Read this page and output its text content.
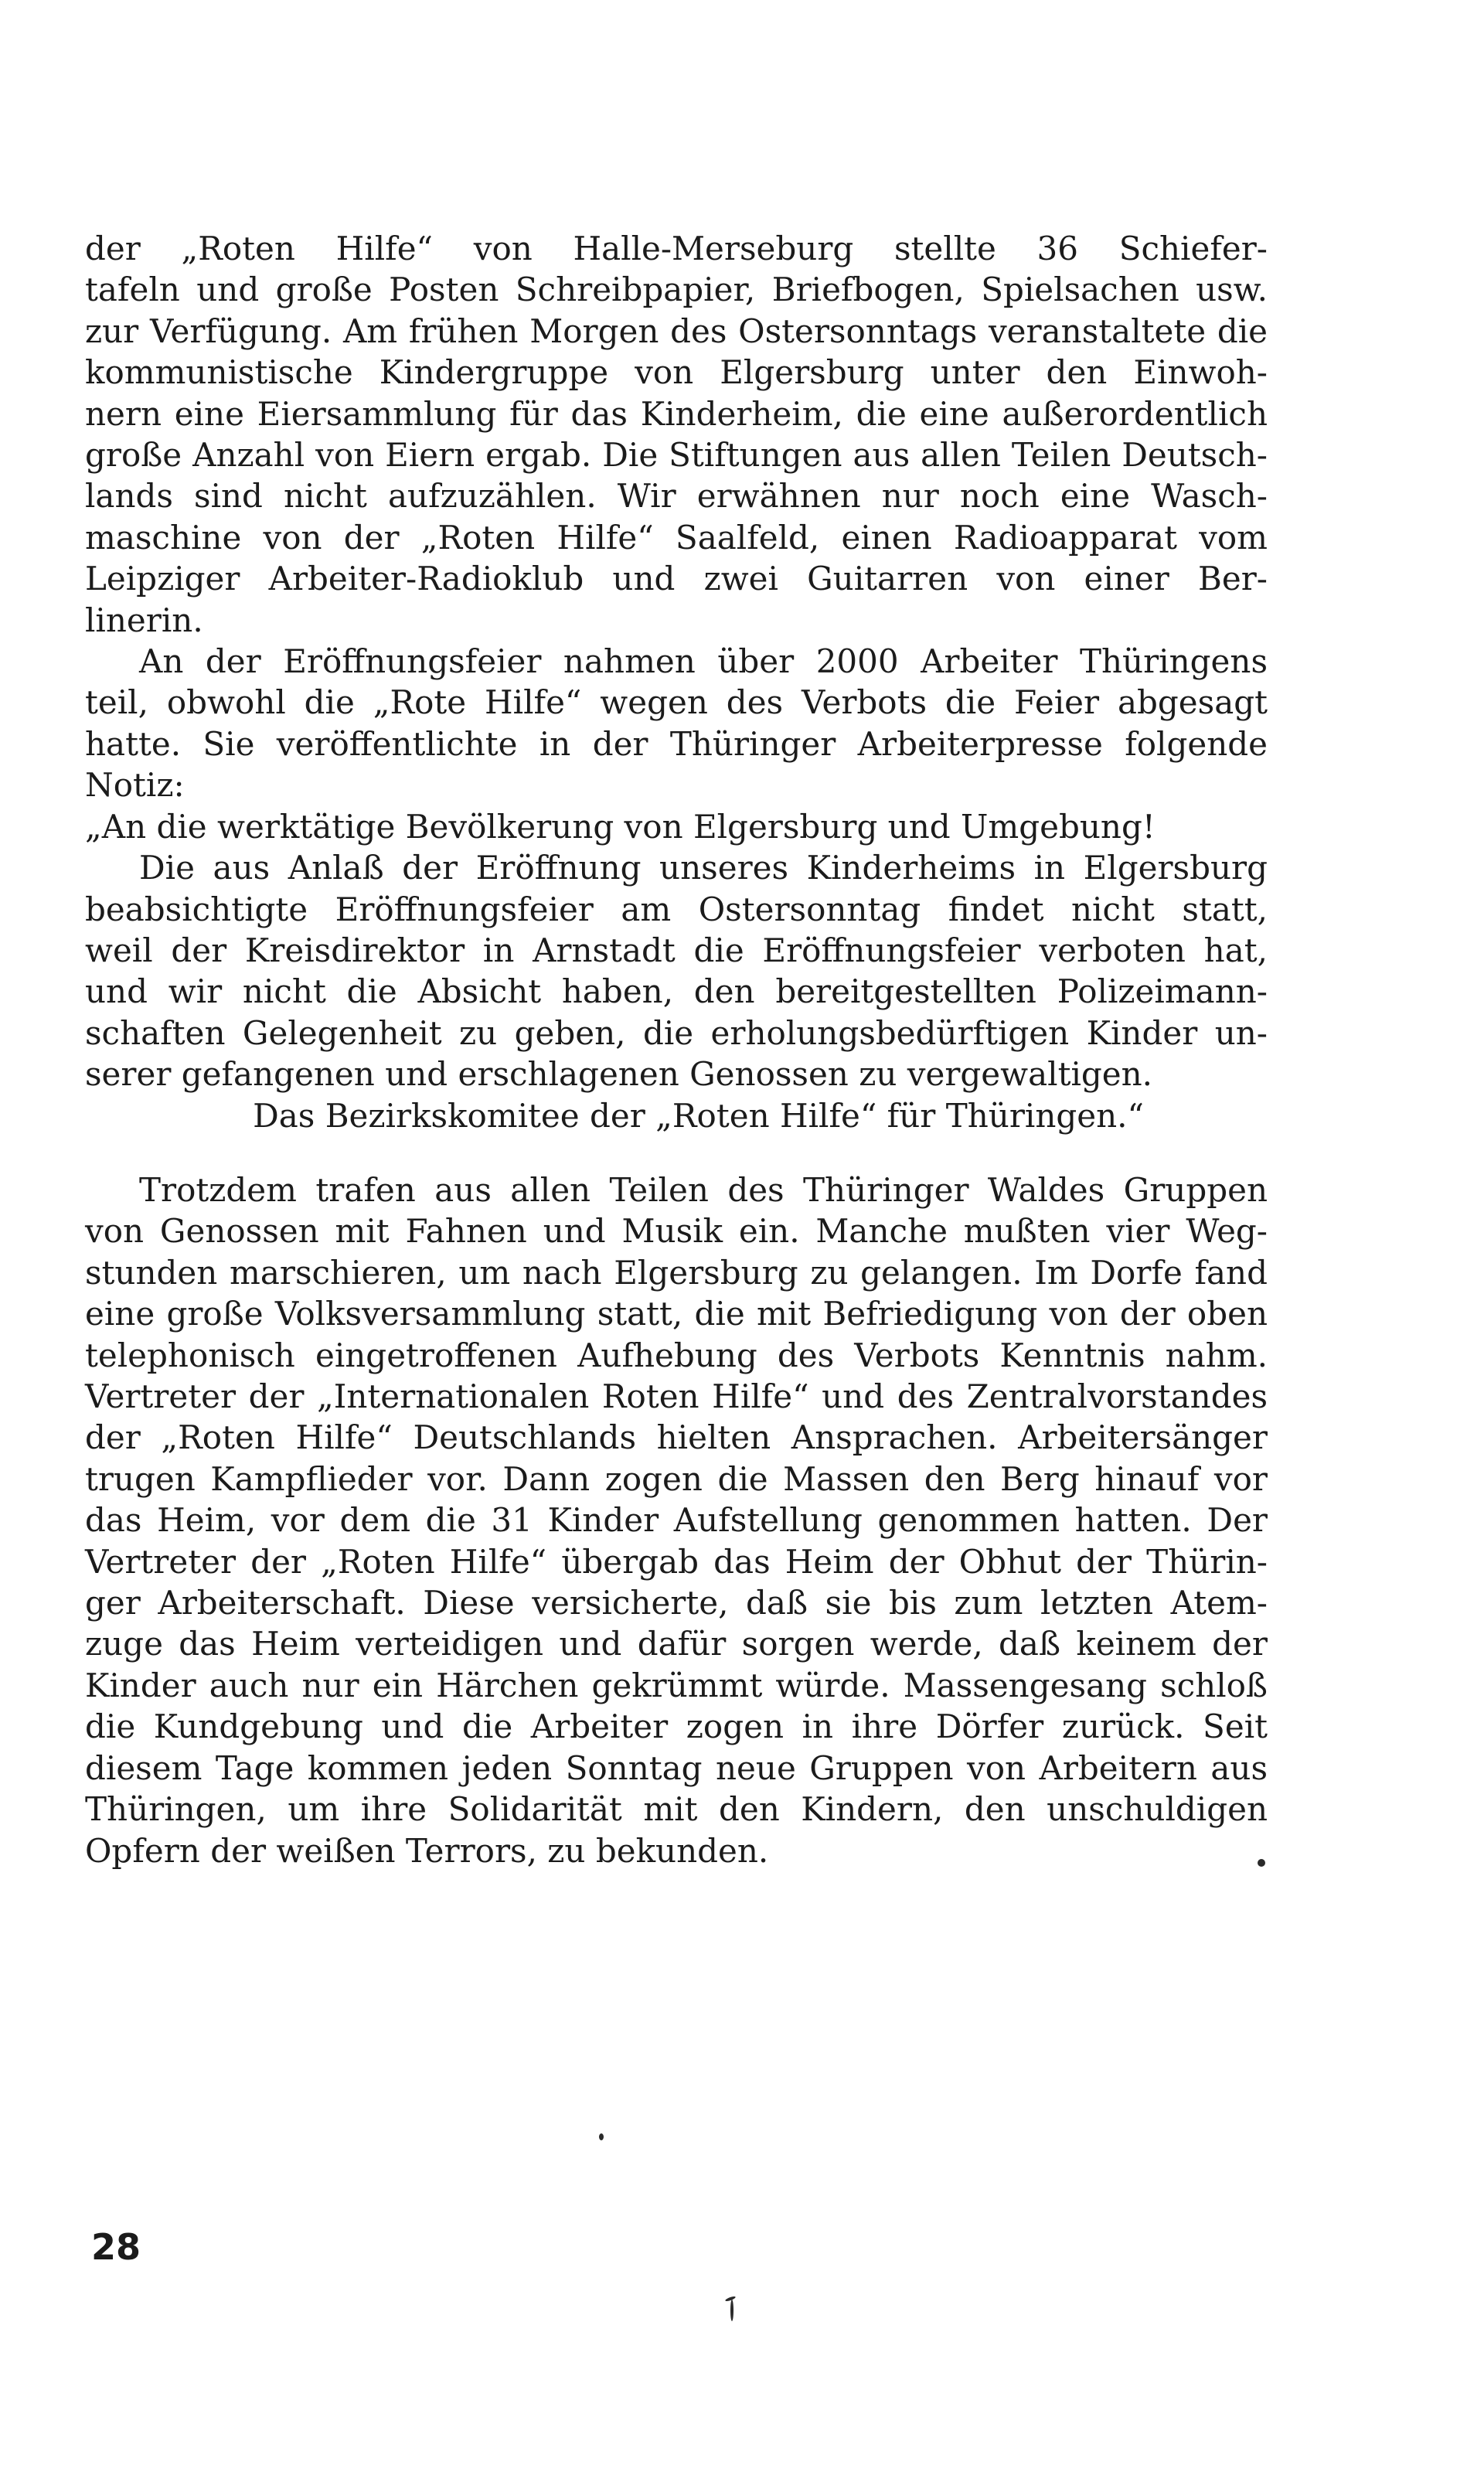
der „Roten Hilfe“ von Halle-Merseburg stellte 36 Schiefer-
tafeln und große Posten Schreibpapier, Briefbogen, Spielsachen usw.
zur Verfügung. Am frühen Morgen des Ostersonntags veranstaltete die
kommunistische Kindergruppe von Elgersburg unter den Einwoh-
nern eine Eiersammlung für das Kinderheim, die eine außerordentlich
große Anzahl von Eiern ergab. Die Stiftungen aus allen Teilen Deutsch-
lands sind nicht aufzuzählen. Wir erwähnen nur noch eine Wasch-
maschine von der „Roten Hilfe“ Saalfeld, einen Radioapparat vom
Leipziger Arbeiter-Radioklub und zwei Guitarren von einer Ber-
linerin.

An der Eröffnungsfeier nahmen über 2000 Arbeiter Thüringens
teil, obwohl die „Rote Hilfe“ wegen des Verbots die Feier abgesagt
hatte. Sie veröffentlichte in der Thüringer Arbeiterpresse folgende
Notiz:

„An die werktätige Bevölkerung von Elgersburg und Umgebung!
Die aus Anlaß der Eröffnung unseres Kinderheims in Elgersburg
beabsichtigte Eröffnungsfeier am Ostersonntag findet nicht statt,
weil der Kreisdirektor in Arnstadt die Eröffnungsfeier verboten hat,
und wir nicht die Absicht haben, den bereitgestellten Polizeimann-
schaften Gelegenheit zu geben, die erholungsbedürftigen Kinder un-
serer gefangenen und erschlagenen Genossen zu vergewaltigen.
Das Bezirkskomitee der „Roten Hilfe“ für Thüringen.“

Trotzdem trafen aus allen Teilen des Thüringer Waldes Gruppen
von Genossen mit Fahnen und Musik ein. Manche mußten vier Weg-
stunden marschieren, um nach Elgersburg zu gelangen. Im Dorfe fand
eine große Volksversammlung statt, die mit Befriedigung von der oben
telephonisch eingetroffenen Aufhebung des Verbots Kenntnis nahm.
Vertreter der „Internationalen Roten Hilfe“ und des Zentralvorstandes
der „Roten Hilfe“ Deutschlands hielten Ansprachen. Arbeitersänger
trugen Kampflieder vor. Dann zogen die Massen den Berg hinauf vor
das Heim, vor dem die 31 Kinder Aufstellung genommen hatten. Der
Vertreter der „Roten Hilfe“ übergab das Heim der Obhut der Thürin-
ger Arbeiterschaft. Diese versicherte, daß sie bis zum letzten Atem-
zuge das Heim verteidigen und dafür sorgen werde, daß keinem der
Kinder auch nur ein Härchen gekrümmt würde. Massengesang schloß
die Kundgebung und die Arbeiter zogen in ihre Dörfer zurück. Seit
diesem Tage kommen jeden Sonntag neue Gruppen von Arbeitern aus
Thüringen, um ihre Solidarität mit den Kindern, den unschuldigen
Opfern der weißen Terrors, zu bekunden.

28
